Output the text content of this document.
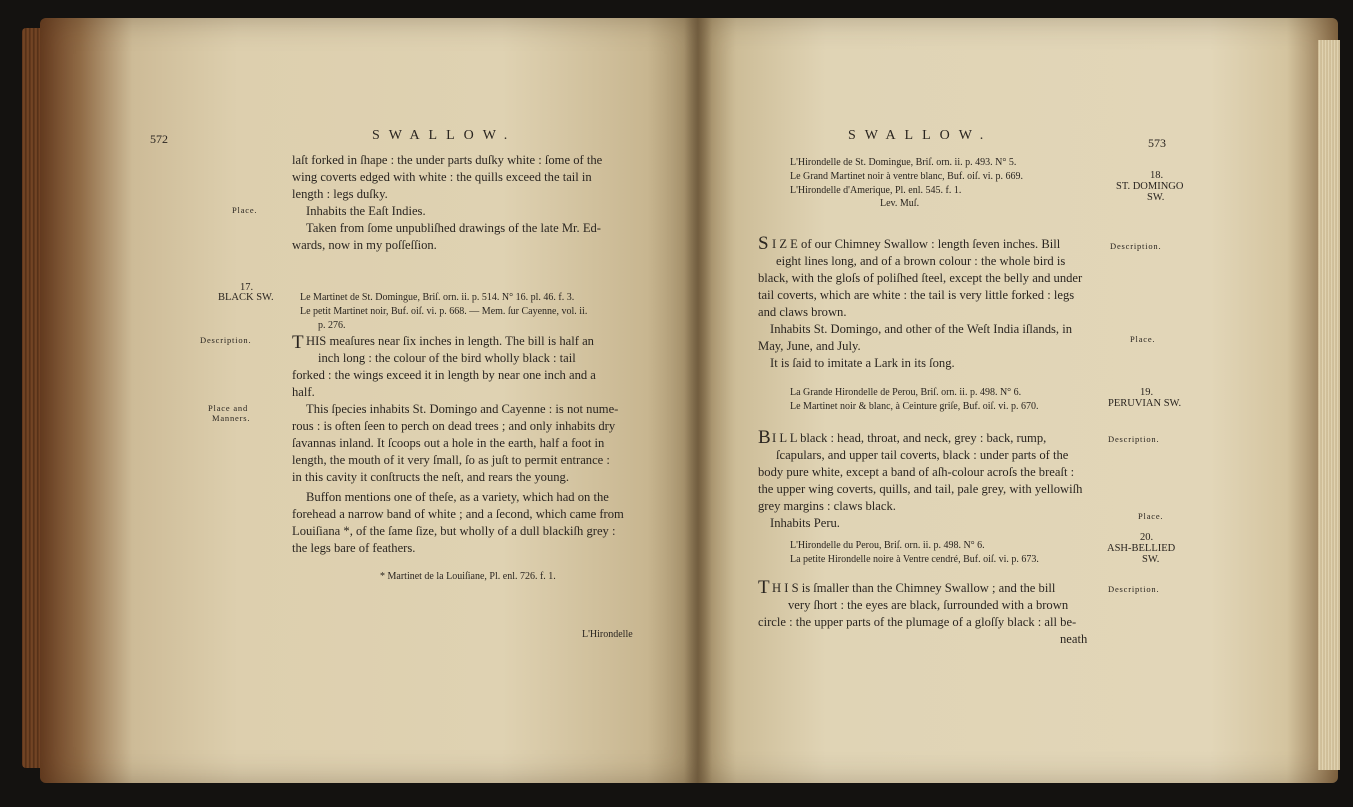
572	SWALLOW.
laſt forked in ſhape : the under parts duſky white : ſome of the
wing coverts edged with white : the quills exceed the tail in
length : legs duſky.
Inhabits the Eaſt Indies.
Taken from ſome unpubliſhed drawings of the late Mr. Ed-
wards, now in my poſſeſſion.
Place.
17.
BLACK SW.	Le Martinet de St. Domingue, Briſ. orn. ii. p. 514. N° 16. pl. 46. f. 3.
Le petit Martinet noir, Buf. oiſ. vi. p. 668. — Mem. ſur Cayenne, vol. ii.
p. 276.
Description. T HIS meaſures near ſix inches in length. The bill is half an
inch long : the colour of the bird wholly black : tail
forked : the wings exceed it in length by near one inch and a
half.
Place and
Manners.
This ſpecies inhabits St. Domingo and Cayenne : is not nume-
rous : is often ſeen to perch on dead trees ; and only inhabits dry
ſavannas inland. It ſcoops out a hole in the earth, half a foot in
length, the mouth of it very ſmall, ſo as juſt to permit entrance :
in this cavity it conſtructs the neſt, and rears the young.
Buffon mentions one of theſe, as a variety, which had on the
forehead a narrow band of white ; and a ſecond, which came from
Louiſiana *, of the ſame ſize, but wholly of a dull blackiſh grey :
the legs bare of feathers.
* Martinet de la Louiſiane, Pl. enl. 726. f. 1.
L'Hirondelle
SWALLOW.	573
L'Hirondelle de St. Domingue, Briſ. orn. ii. p. 493. N° 5.
Le Grand Martinet noir à ventre blanc, Buf. oiſ. vi. p. 669.
L'Hirondelle d'Amerique, Pl. enl. 545. f. 1.
Lev. Muſ.
18.
ST. DOMINGO
SW.
S I Z E of our Chimney Swallow : length ſeven inches. Bill
eight lines long, and of a brown colour : the whole bird is
black, with the gloſs of poliſhed ſteel, except the belly and under
tail coverts, which are white : the tail is very little forked : legs
and claws brown.
Inhabits St. Domingo, and other of the Weſt India iſlands, in
May, June, and July.
It is ſaid to imitate a Lark in its ſong.
Description.
Place.
La Grande Hirondelle de Perou, Briſ. orn. ii. p. 498. N° 6.
Le Martinet noir & blanc, à Ceinture griſe, Buf. oiſ. vi. p. 670.
19.
PERUVIAN SW.
B I L L black : head, throat, and neck, grey : back, rump,
ſcapulars, and upper tail coverts, black : under parts of the
body pure white, except a band of aſh-colour acroſs the breaſt :
the upper wing coverts, quills, and tail, pale grey, with yellowiſh
grey margins : claws black.
Inhabits Peru.
Description.
Place.
L'Hirondelle du Perou, Briſ. orn. ii. p. 498. N° 6.
La petite Hirondelle noire à Ventre cendré, Buf. oiſ. vi. p. 673.
20.
ASH-BELLIED
SW.
T H I S is ſmaller than the Chimney Swallow ; and the bill
very ſhort : the eyes are black, ſurrounded with a brown
circle : the upper parts of the plumage of a gloſſy black : all be-
neath
Description.
